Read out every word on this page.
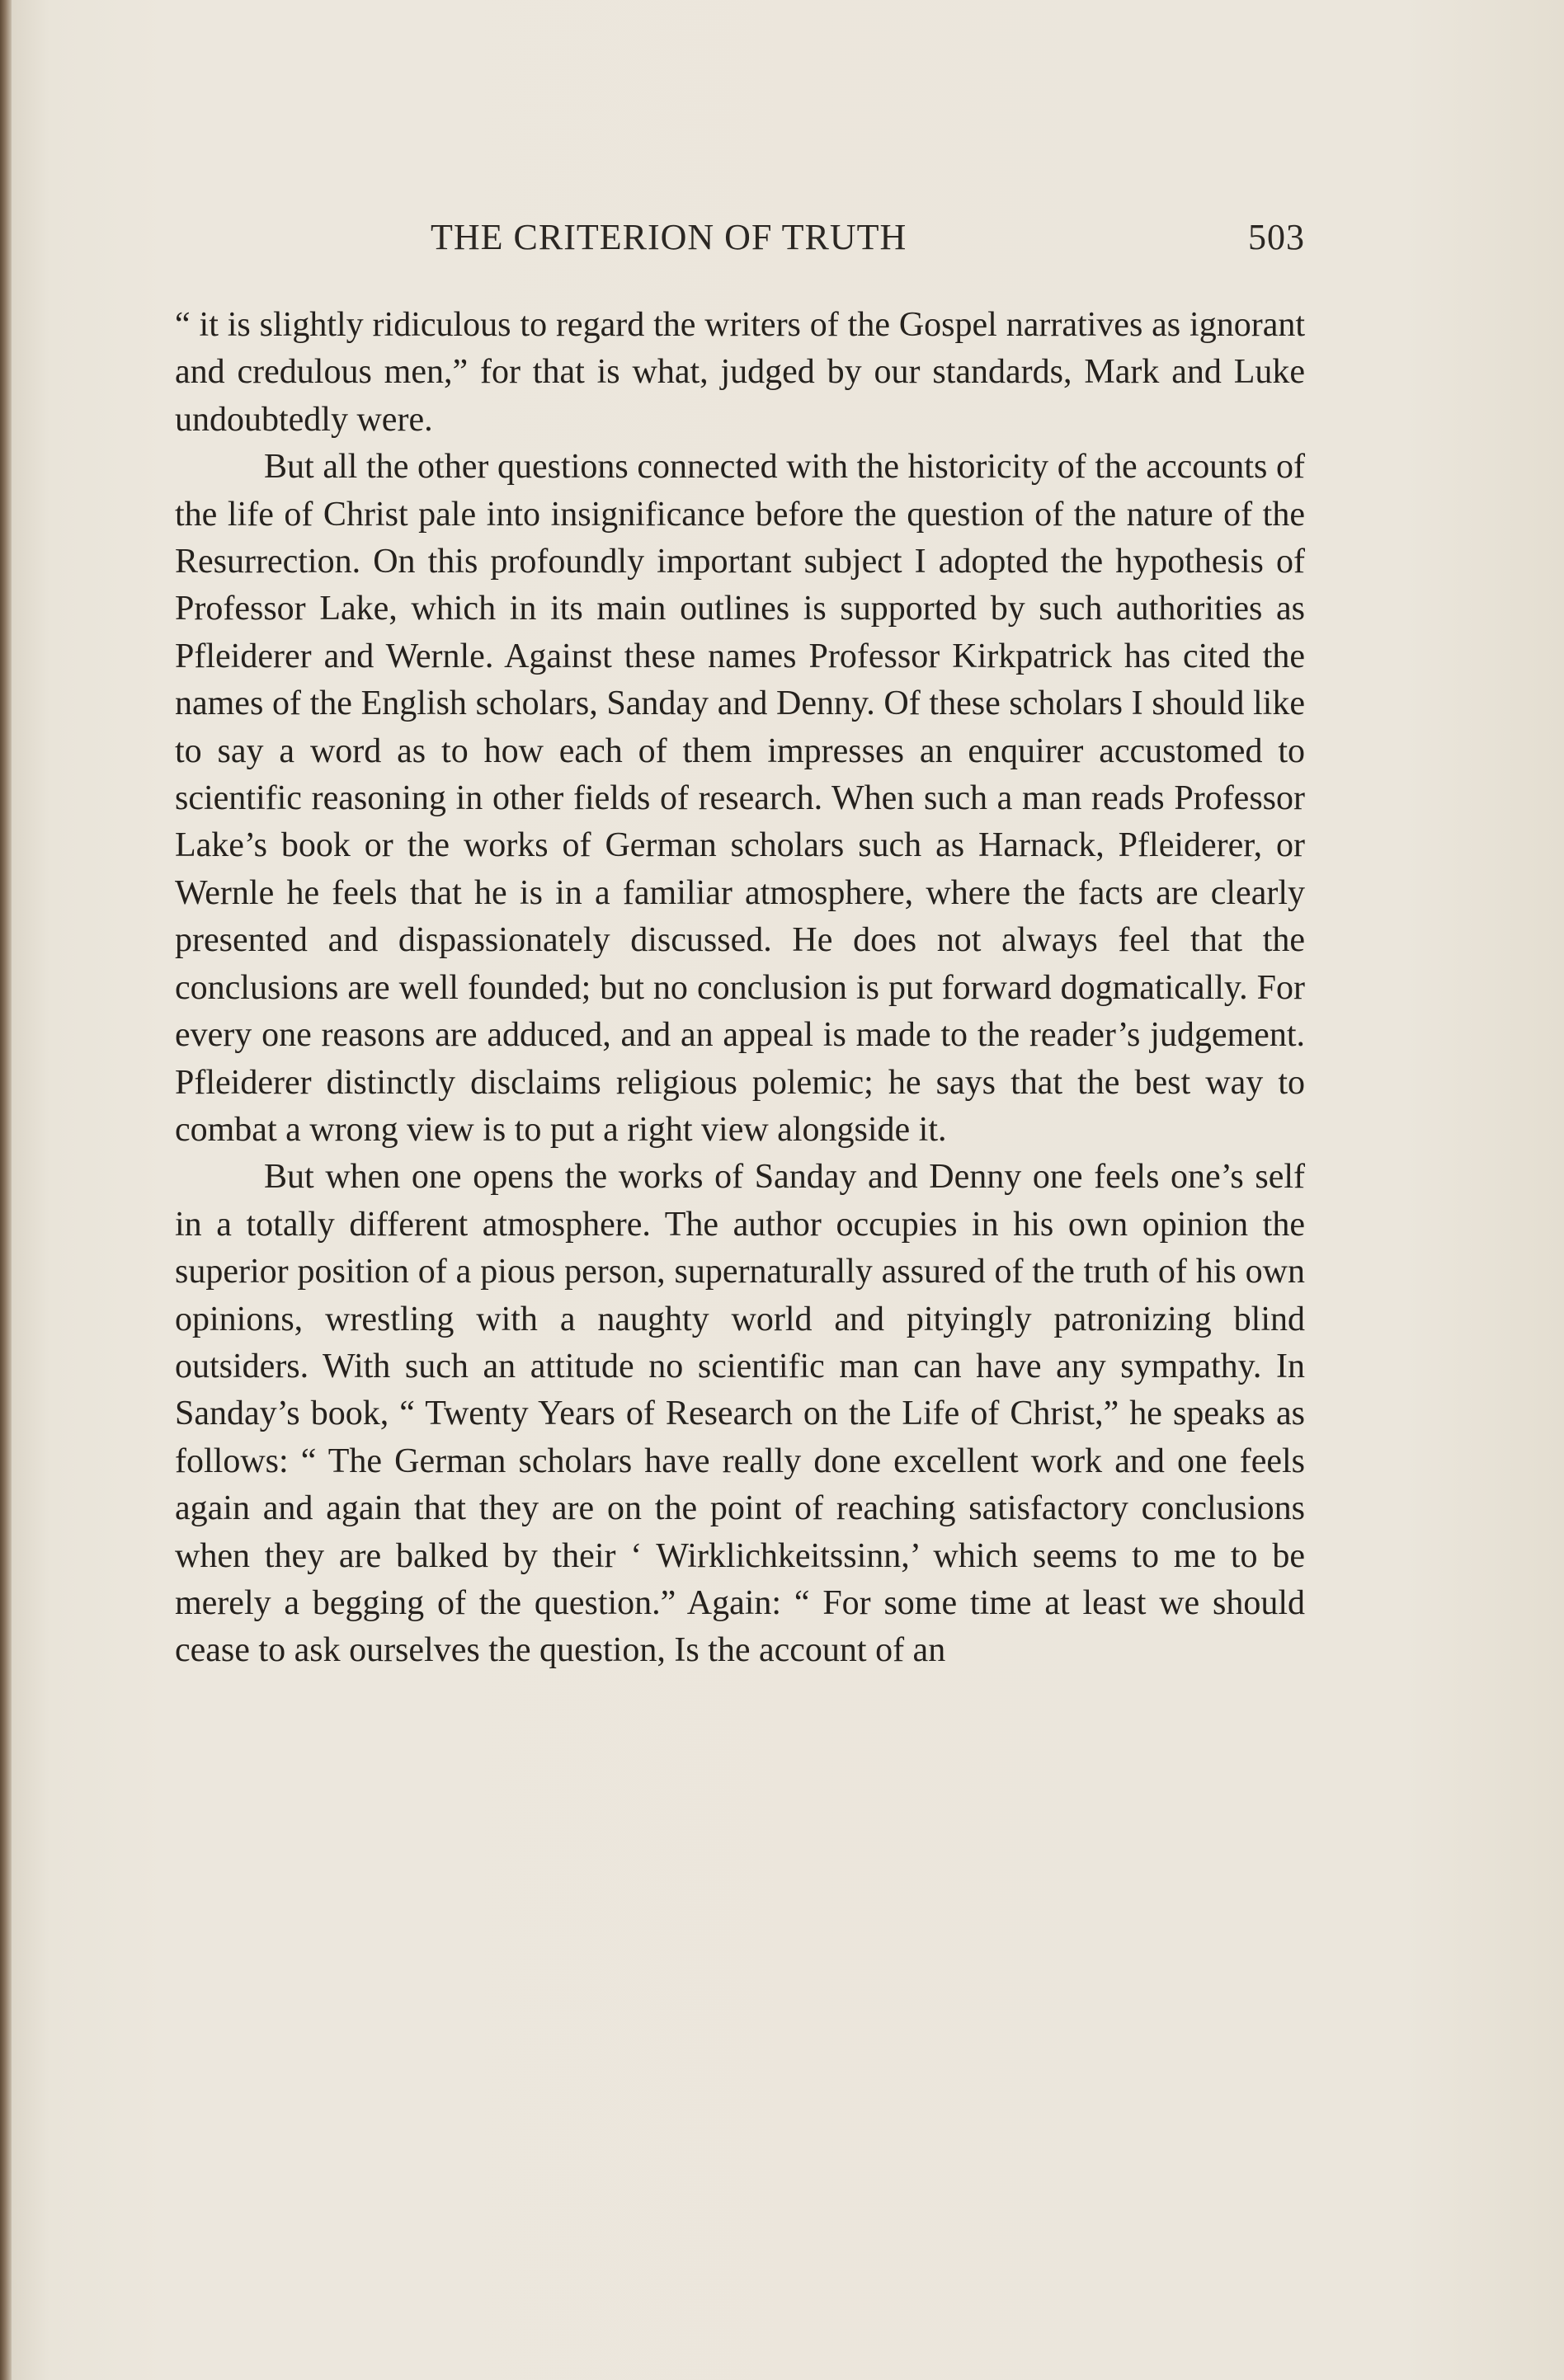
THE CRITERION OF TRUTH	503

“ it is slightly ridiculous to regard the writers of the Gospel narratives as ignorant and credulous men,” for that is what, judged by our standards, Mark and Luke undoubtedly were.

But all the other questions connected with the historicity of the accounts of the life of Christ pale into insignificance before the question of the nature of the Resurrection. On this profoundly important subject I adopted the hypothesis of Professor Lake, which in its main outlines is supported by such authorities as Pfleiderer and Wernle. Against these names Professor Kirkpatrick has cited the names of the English scholars, Sanday and Denny. Of these scholars I should like to say a word as to how each of them impresses an enquirer accustomed to scientific reasoning in other fields of research. When such a man reads Professor Lake’s book or the works of German scholars such as Harnack, Pfleiderer, or Wernle he feels that he is in a familiar atmosphere, where the facts are clearly presented and dispassionately discussed. He does not always feel that the conclusions are well founded; but no conclusion is put forward dogmatically. For every one reasons are adduced, and an appeal is made to the reader’s judgement. Pfleiderer distinctly disclaims religious polemic; he says that the best way to combat a wrong view is to put a right view alongside it.

But when one opens the works of Sanday and Denny one feels one’s self in a totally different atmosphere. The author occupies in his own opinion the superior position of a pious person, supernaturally assured of the truth of his own opinions, wrestling with a naughty world and pityingly patronizing blind outsiders. With such an attitude no scientific man can have any sympathy. In Sanday’s book, “ Twenty Years of Research on the Life of Christ,” he speaks as follows: “ The German scholars have really done excellent work and one feels again and again that they are on the point of reaching satisfactory conclusions when they are balked by their ‘ Wirklichkeitssinn,’ which seems to me to be merely a begging of the question.” Again: “ For some time at least we should cease to ask ourselves the question, Is the account of an
